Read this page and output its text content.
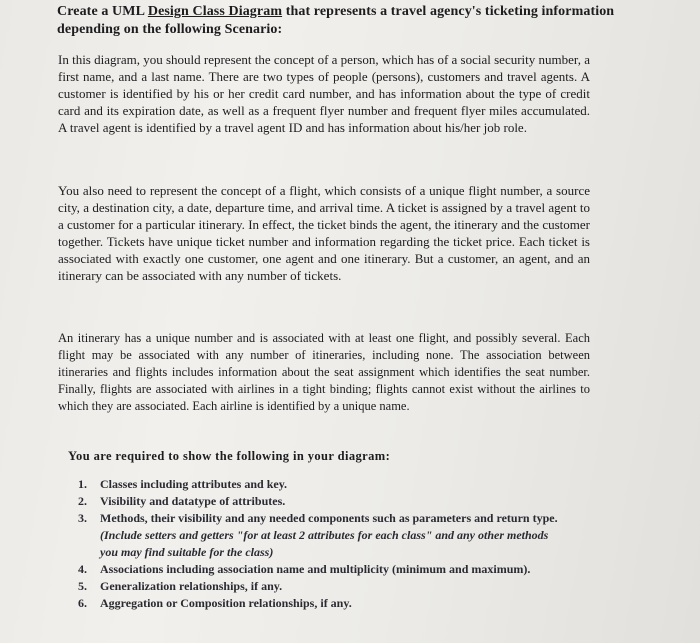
Create a UML Design Class Diagram that represents a travel agency's ticketing information depending on the following Scenario:
In this diagram, you should represent the concept of a person, which has of a social security number, a first name, and a last name. There are two types of people (persons), customers and travel agents. A customer is identified by his or her credit card number, and has information about the type of credit card and its expiration date, as well as a frequent flyer number and frequent flyer miles accumulated. A travel agent is identified by a travel agent ID and has information about his/her job role.
You also need to represent the concept of a flight, which consists of a unique flight number, a source city, a destination city, a date, departure time, and arrival time. A ticket is assigned by a travel agent to a customer for a particular itinerary. In effect, the ticket binds the agent, the itinerary and the customer together. Tickets have unique ticket number and information regarding the ticket price. Each ticket is associated with exactly one customer, one agent and one itinerary. But a customer, an agent, and an itinerary can be associated with any number of tickets.
An itinerary has a unique number and is associated with at least one flight, and possibly several. Each flight may be associated with any number of itineraries, including none. The association between itineraries and flights includes information about the seat assignment which identifies the seat number. Finally, flights are associated with airlines in a tight binding; flights cannot exist without the airlines to which they are associated. Each airline is identified by a unique name.
You are required to show the following in your diagram:
1.	Classes including attributes and key.
2.	Visibility and datatype of attributes.
3.	Methods, their visibility and any needed components such as parameters and return type. (Include setters and getters "for at least 2 attributes for each class" and any other methods you may find suitable for the class)
4.	Associations including association name and multiplicity (minimum and maximum).
5.	Generalization relationships, if any.
6.	Aggregation or Composition relationships, if any.
